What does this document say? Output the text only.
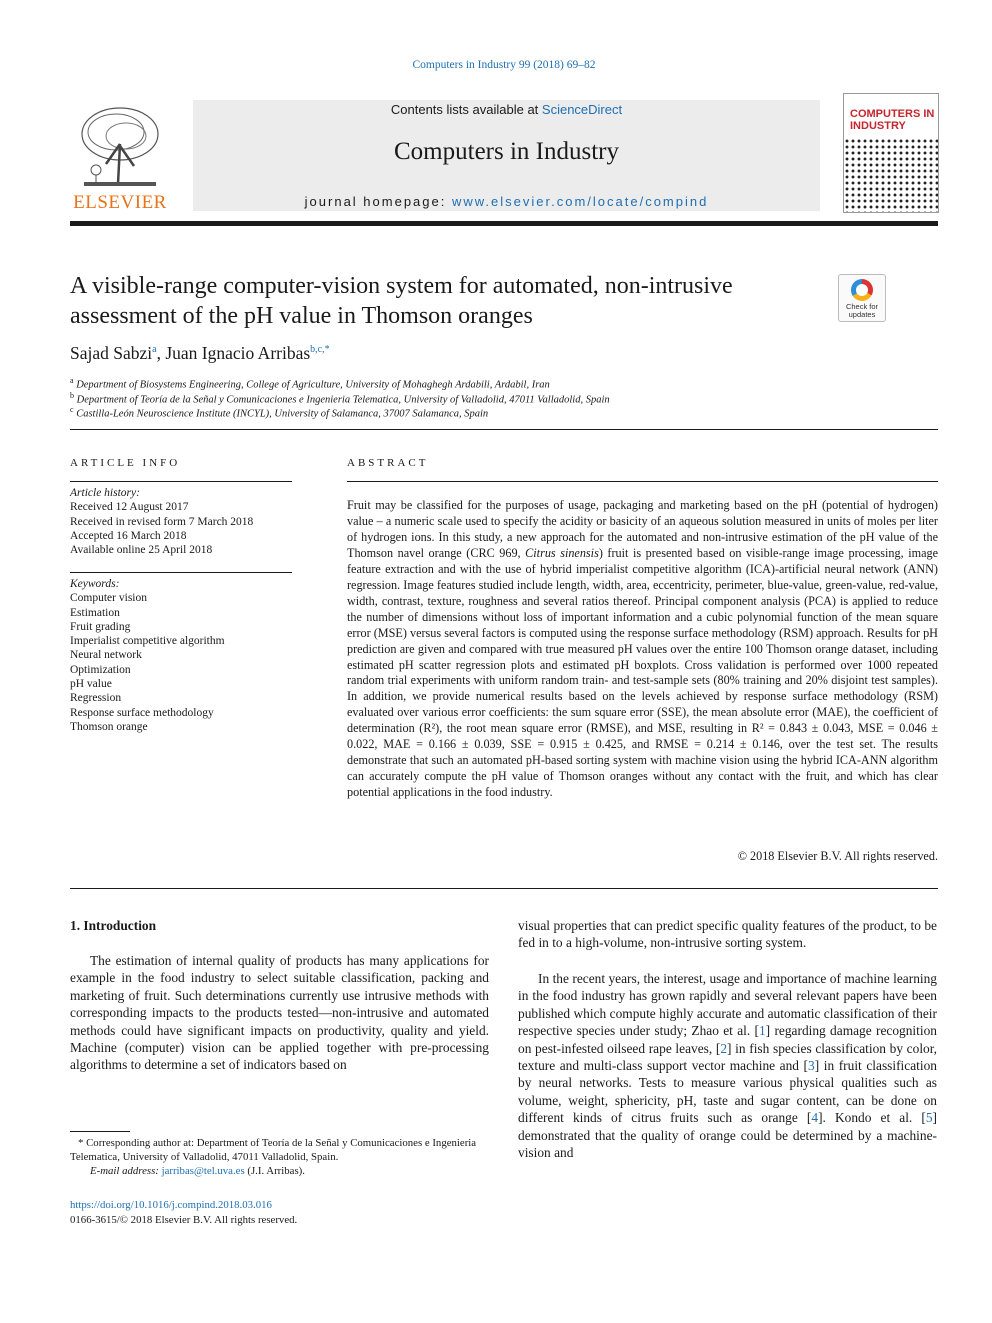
Computers in Industry 99 (2018) 69–82
ELSEVIER
Contents lists available at ScienceDirect
Computers in Industry
journal homepage: www.elsevier.com/locate/compind
COMPUTERS IN
INDUSTRY
A visible-range computer-vision system for automated, non-intrusive
assessment of the pH value in Thomson oranges	Check for
updates
Sajad Sabzi$^a$, Juan Ignacio Arribas$^{b,c,*}$
$^a$ Department of Biosystems Engineering, College of Agriculture, University of Mohaghegh Ardabili, Ardabil, Iran
$^b$ Department of Teoría de la Señal y Comunicaciones e Ingenieria Telematica, University of Valladolid, 47011 Valladolid, Spain
$^c$ Castilla-León Neuroscience Institute (INCYL), University of Salamanca, 37007 Salamanca, Spain
ARTICLE INFO
Article history:
Received 12 August 2017
Received in revised form 7 March 2018
Accepted 16 March 2018
Available online 25 April 2018
Keywords:
Computer vision
Estimation
Fruit grading
Imperialist competitive algorithm
Neural network
Optimization
pH value
Regression
Response surface methodology
Thomson orange
ABSTRACT
Fruit may be classified for the purposes of usage, packaging and marketing based on the pH (potential of hydrogen) value – a numeric scale used to specify the acidity or basicity of an aqueous solution measured in units of moles per liter of hydrogen ions. In this study, a new approach for the automated and non-intrusive estimation of the pH value of the Thomson navel orange (CRC 969, Citrus sinensis) fruit is presented based on visible-range image processing, image feature extraction and with the use of hybrid imperialist competitive algorithm (ICA)-artificial neural network (ANN) regression. Image features studied include length, width, area, eccentricity, perimeter, blue-value, green-value, red-value, width, contrast, texture, roughness and several ratios thereof. Principal component analysis (PCA) is applied to reduce the number of dimensions without loss of important information and a cubic polynomial function of the mean square error (MSE) versus several factors is computed using the response surface methodology (RSM) approach. Results for pH prediction are given and compared with true measured pH values over the entire 100 Thomson orange dataset, including estimated pH scatter regression plots and estimated pH boxplots. Cross validation is performed over 1000 repeated random trial experiments with uniform random train- and test-sample sets (80% training and 20% disjoint test samples). In addition, we provide numerical results based on the levels achieved by response surface methodology (RSM) evaluated over various error coefficients: the sum square error (SSE), the mean absolute error (MAE), the coefficient of determination (R²), the root mean square error (RMSE), and MSE, resulting in R² = 0.843 ± 0.043, MSE = 0.046 ± 0.022, MAE = 0.166 ± 0.039, SSE = 0.915 ± 0.425, and RMSE = 0.214 ± 0.146, over the test set. The results demonstrate that such an automated pH-based sorting system with machine vision using the hybrid ICA-ANN algorithm can accurately compute the pH value of Thomson oranges without any contact with the fruit, and which has clear potential applications in the food industry.
© 2018 Elsevier B.V. All rights reserved.
1. Introduction
The estimation of internal quality of products has many applications for example in the food industry to select suitable classification, packing and marketing of fruit. Such determinations currently use intrusive methods with corresponding impacts to the products tested—non-intrusive and automated methods could have significant impacts on productivity, quality and yield. Machine (computer) vision can be applied together with pre-processing algorithms to determine a set of indicators based on
visual properties that can predict specific quality features of the product, to be fed in to a high-volume, non-intrusive sorting system.
In the recent years, the interest, usage and importance of machine learning in the food industry has grown rapidly and several relevant papers have been published which compute highly accurate and automatic classification of their respective species under study; Zhao et al. [1] regarding damage recognition on pest-infested oilseed rape leaves, [2] in fish species classification by color, texture and multi-class support vector machine and [3] in fruit classification by neural networks. Tests to measure various physical qualities such as volume, weight, sphericity, pH, taste and sugar content, can be done on different kinds of citrus fruits such as orange [4]. Kondo et al. [5] demonstrated that the quality of orange could be determined by a machine-vision and
* Corresponding author at: Department of Teoría de la Señal y Comunicaciones e Ingenieria Telematica, University of Valladolid, 47011 Valladolid, Spain.
E-mail address: jarribas@tel.uva.es (J.I. Arribas).
https://doi.org/10.1016/j.compind.2018.03.016
0166-3615/© 2018 Elsevier B.V. All rights reserved.
